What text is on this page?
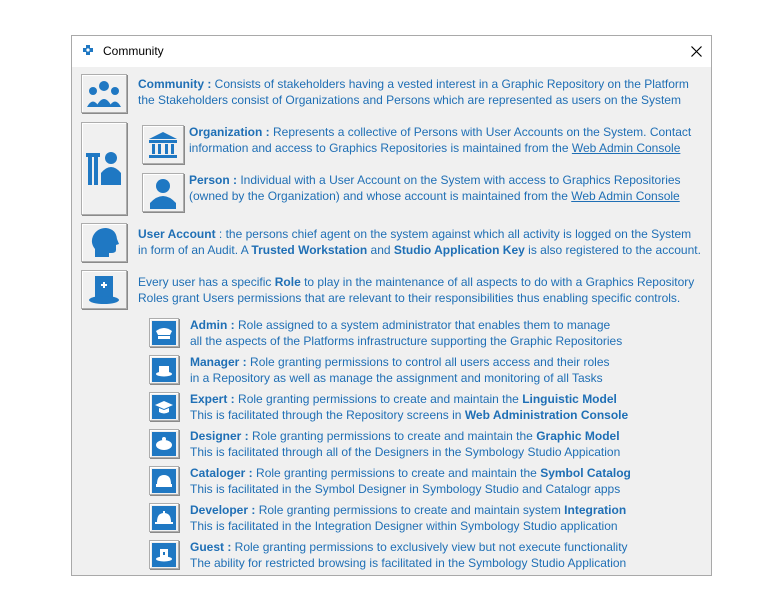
Community
Community : Consists of stakeholders having a vested interest in a Graphic Repository on the Platform
the Stakeholders consist of Organizations and Persons which are represented as users on the System
Organization : Represents a collective of Persons with User Accounts on the System. Contact
information and access to Graphics Repositories is maintained from the Web Admin Console
Person : Individual with a User Account on the System with access to Graphics Repositories
(owned by the Organization) and whose account is maintained from the Web Admin Console
User Account : the persons chief agent on the system against which all activity is logged on the System
in form of an Audit. A Trusted Workstation and Studio Application Key is also registered to the account.
Every user has a specific Role to play in the maintenance of all aspects to do with a Graphics Repository
Roles grant Users permissions that are relevant to their responsibilities thus enabling specific controls.
Admin : Role assigned to a system administrator that enables them to manage
all the aspects of the Platforms infrastructure supporting the Graphic Repositories
Manager : Role granting permissions to control all users access and their roles
in a Repository as well as manage the assignment and monitoring of all Tasks
Expert : Role granting permissions to create and maintain the Linguistic Model
This is facilitated through the Repository screens in Web Administration Console
Designer : Role granting permissions to create and maintain the Graphic Model
This is facilitated through all of the Designers in the Symbology Studio Appication
Cataloger : Role granting permissions to create and maintain the Symbol Catalog
This is facilitated in the Symbol Designer in Symbology Studio and Catalogr apps
Developer : Role granting permissions to create and maintain system Integration
This is facilitated in the Integration Designer within Symbology Studio application
Guest : Role granting permissions to exclusively view but not execute functionality
The ability for restricted browsing is facilitated in the Symbology Studio Application
